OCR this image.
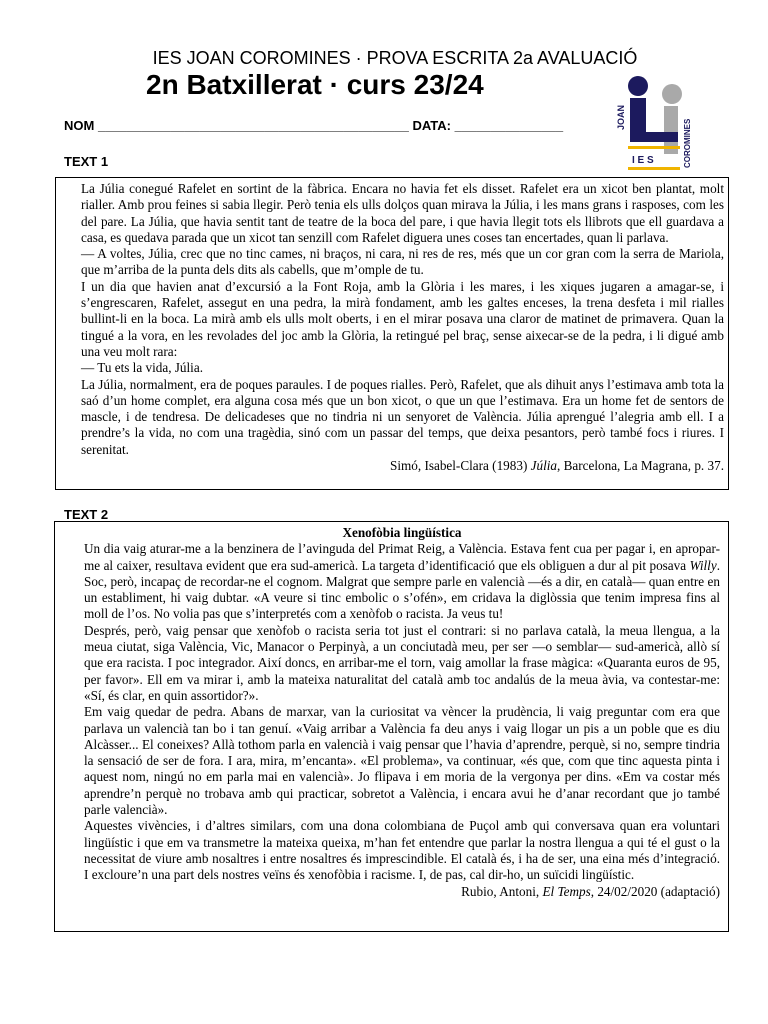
IES JOAN COROMINES · PROVA ESCRITA 2a AVALUACIÓ
2n Batxillerat · curs 23/24
NOM ___________________________________________ DATA: _______________	JOAN
I E S	COROMINES
TEXT 1

La Júlia conegué Rafelet en sortint de la fàbrica. Encara no havia fet els disset. Rafelet era un xicot ben plantat, molt rialler. Amb prou feines si sabia llegir. Però tenia els ulls dolços quan mirava la Júlia, i les mans grans i rasposes, com les del pare. La Júlia, que havia sentit tant de teatre de la boca del pare, i que havia llegit tots els llibrots que ell guardava a casa, es quedava parada que un xicot tan senzill com Rafelet diguera unes coses tan encertades, quan li parlava.

— A voltes, Júlia, crec que no tinc cames, ni braços, ni cara, ni res de res, més que un cor gran com la serra de Mariola, que m’arriba de la punta dels dits als cabells, que m’omple de tu.

I un dia que havien anat d’excursió a la Font Roja, amb la Glòria i les mares, i les xiques jugaren a amagar-se, i s’engrescaren, Rafelet, assegut en una pedra, la mirà fondament, amb les galtes enceses, la trena desfeta i mil rialles bullint-li en la boca. La mirà amb els ulls molt oberts, i en el mirar posava una claror de matinet de primavera. Quan la tingué a la vora, en les revolades del joc amb la Glòria, la retingué pel braç, sense aixecar-se de la pedra, i li digué amb una veu molt rara:

— Tu ets la vida, Júlia.

La Júlia, normalment, era de poques paraules. I de poques rialles. Però, Rafelet, que als dihuit anys l’estimava amb tota la saó d’un home complet, era alguna cosa més que un bon xicot, o que un que l’estimava. Era un home fet de sentors de mascle, i de tendresa. De delicadeses que no tindria ni un senyoret de València. Júlia aprengué l’alegria amb ell. I a prendre’s la vida, no com una tragèdia, sinó com un passar del temps, que deixa pesantors, però també focs i riures. I serenitat.

Simó, Isabel-Clara (1983) Júlia, Barcelona, La Magrana, p. 37.

TEXT 2

Xenofòbia lingüística

Un dia vaig aturar-me a la benzinera de l’avinguda del Primat Reig, a València. Estava fent cua per pagar i, en apropar-me al caixer, resultava evident que era sud-americà. La targeta d’identificació que els obliguen a dur al pit posava Willy. Soc, però, incapaç de recordar-ne el cognom. Malgrat que sempre parle en valencià —és a dir, en català— quan entre en un establiment, hi vaig dubtar. «A veure si tinc embolic o s’ofén», em cridava la diglòssia que tenim impresa fins al moll de l’os. No volia pas que s’interpretés com a xenòfob o racista. Ja veus tu!

Després, però, vaig pensar que xenòfob o racista seria tot just el contrari: si no parlava català, la meua llengua, a la meua ciutat, siga València, Vic, Manacor o Perpinyà, a un conciutadà meu, per ser —o semblar— sud-americà, allò sí que era racista. I poc integrador. Així doncs, en arribar-me el torn, vaig amollar la frase màgica: «Quaranta euros de 95, per favor». Ell em va mirar i, amb la mateixa naturalitat del català amb toc andalús de la meua àvia, va contestar-me: «Sí, és clar, en quin assortidor?».

Em vaig quedar de pedra. Abans de marxar, van la curiositat va vèncer la prudència, li vaig preguntar com era que parlava un valencià tan bo i tan genuí. «Vaig arribar a València fa deu anys i vaig llogar un pis a un poble que es diu Alcàsser... El coneixes? Allà tothom parla en valencià i vaig pensar que l’havia d’aprendre, perquè, si no, sempre tindria la sensació de ser de fora. I ara, mira, m’encanta». «El problema», va continuar, «és que, com que tinc aquesta pinta i aquest nom, ningú no em parla mai en valencià». Jo flipava i em moria de la vergonya per dins. «Em va costar més aprendre’n perquè no trobava amb qui practicar, sobretot a València, i encara avui he d’anar recordant que jo també parle valencià».

Aquestes vivències, i d’altres similars, com una dona colombiana de Puçol amb qui conversava quan era voluntari lingüístic i que em va transmetre la mateixa queixa, m’han fet entendre que parlar la nostra llengua a qui té el gust o la necessitat de viure amb nosaltres i entre nosaltres és imprescindible. El català és, i ha de ser, una eina més d’integració. I excloure’n una part dels nostres veïns és xenofòbia i racisme. I, de pas, cal dir-ho, un suïcidi lingüístic.

Rubio, Antoni, El Temps, 24/02/2020 (adaptació)
